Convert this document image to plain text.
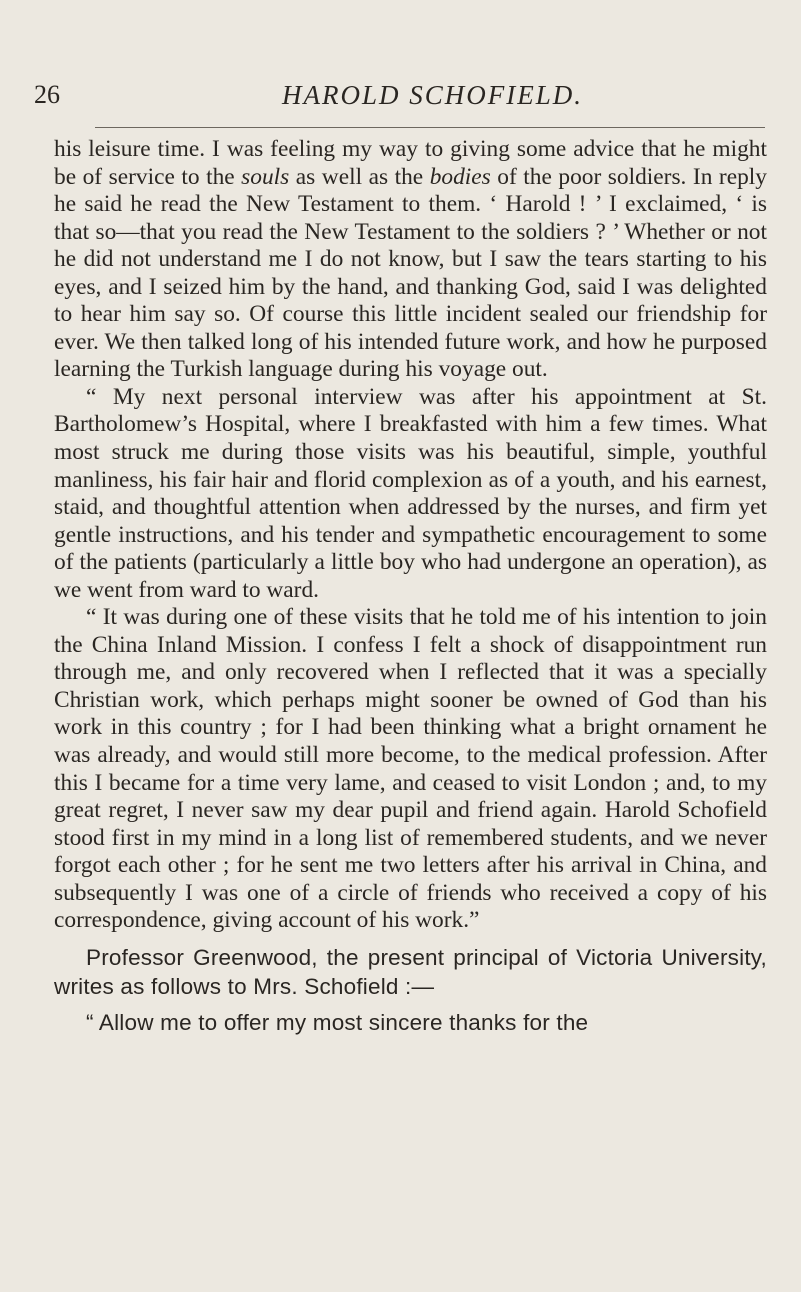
26	HAROLD SCHOFIELD.

his leisure time. I was feeling my way to giving some advice that he might be of service to the souls as well as the bodies of the poor soldiers. In reply he said he read the New Testament to them. ‘ Harold ! ’ I exclaimed, ‘ is that so—that you read the New Testament to the soldiers ? ’ Whether or not he did not understand me I do not know, but I saw the tears starting to his eyes, and I seized him by the hand, and thanking God, said I was delighted to hear him say so. Of course this little incident sealed our friendship for ever. We then talked long of his intended future work, and how he purposed learning the Turkish language during his voyage out.

“ My next personal interview was after his appointment at St. Bartholomew’s Hospital, where I breakfasted with him a few times. What most struck me during those visits was his beautiful, simple, youthful manliness, his fair hair and florid complexion as of a youth, and his earnest, staid, and thoughtful attention when addressed by the nurses, and firm yet gentle instructions, and his tender and sympathetic encouragement to some of the patients (particularly a little boy who had undergone an operation), as we went from ward to ward.

“ It was during one of these visits that he told me of his intention to join the China Inland Mission. I confess I felt a shock of disappointment run through me, and only recovered when I reflected that it was a specially Christian work, which perhaps might sooner be owned of God than his work in this country ; for I had been thinking what a bright ornament he was already, and would still more become, to the medical profession. After this I became for a time very lame, and ceased to visit London ; and, to my great regret, I never saw my dear pupil and friend again. Harold Schofield stood first in my mind in a long list of remembered students, and we never forgot each other ; for he sent me two letters after his arrival in China, and subsequently I was one of a circle of friends who received a copy of his correspondence, giving account of his work.”

Professor Greenwood, the present principal of Victoria University, writes as follows to Mrs. Schofield :—

“ Allow me to offer my most sincere thanks for the
